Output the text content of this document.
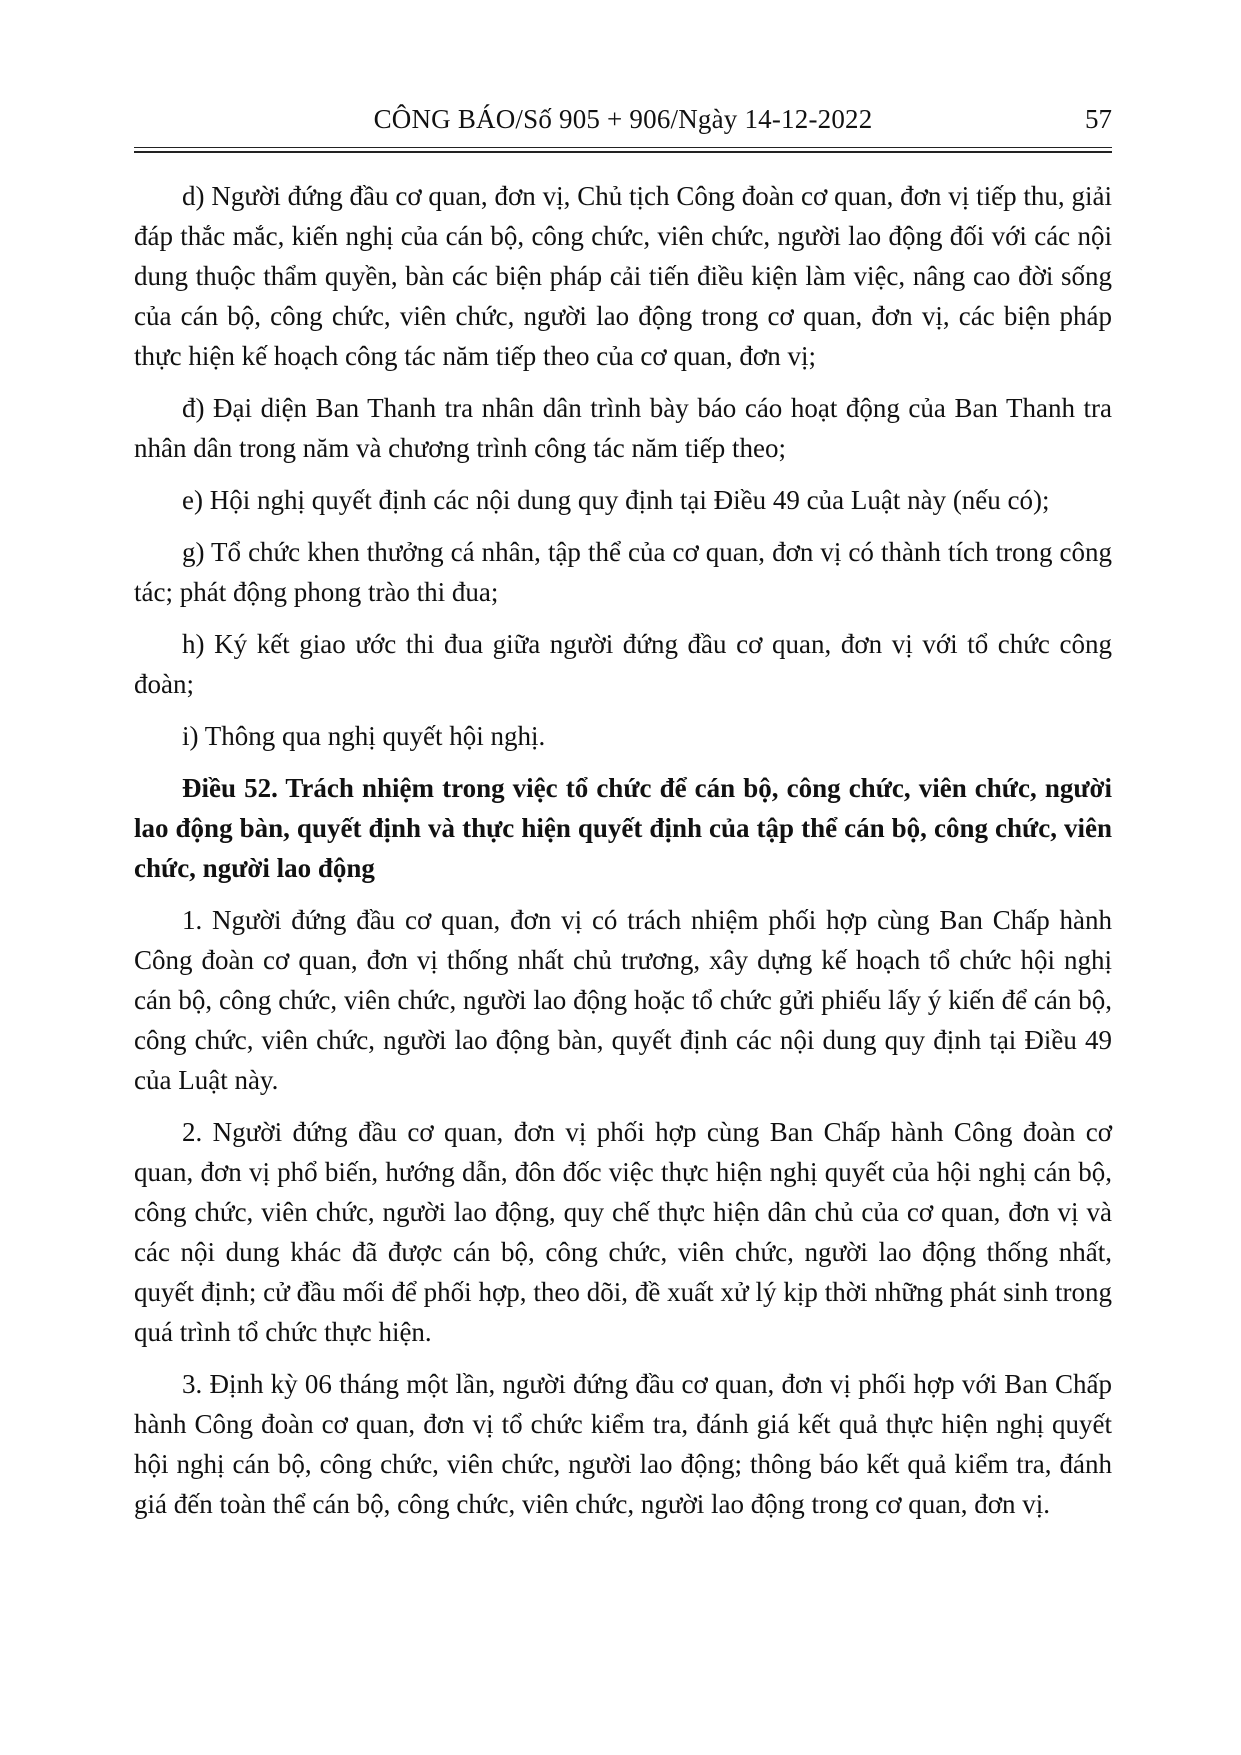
CÔNG BÁO/Số 905 + 906/Ngày 14-12-2022	57

d) Người đứng đầu cơ quan, đơn vị, Chủ tịch Công đoàn cơ quan, đơn vị tiếp thu, giải đáp thắc mắc, kiến nghị của cán bộ, công chức, viên chức, người lao động đối với các nội dung thuộc thẩm quyền, bàn các biện pháp cải tiến điều kiện làm việc, nâng cao đời sống của cán bộ, công chức, viên chức, người lao động trong cơ quan, đơn vị, các biện pháp thực hiện kế hoạch công tác năm tiếp theo của cơ quan, đơn vị;

đ) Đại diện Ban Thanh tra nhân dân trình bày báo cáo hoạt động của Ban Thanh tra nhân dân trong năm và chương trình công tác năm tiếp theo;

e) Hội nghị quyết định các nội dung quy định tại Điều 49 của Luật này (nếu có);

g) Tổ chức khen thưởng cá nhân, tập thể của cơ quan, đơn vị có thành tích trong công tác; phát động phong trào thi đua;

h) Ký kết giao ước thi đua giữa người đứng đầu cơ quan, đơn vị với tổ chức công đoàn;

i) Thông qua nghị quyết hội nghị.

Điều 52. Trách nhiệm trong việc tổ chức để cán bộ, công chức, viên chức, người lao động bàn, quyết định và thực hiện quyết định của tập thể cán bộ, công chức, viên chức, người lao động

1. Người đứng đầu cơ quan, đơn vị có trách nhiệm phối hợp cùng Ban Chấp hành Công đoàn cơ quan, đơn vị thống nhất chủ trương, xây dựng kế hoạch tổ chức hội nghị cán bộ, công chức, viên chức, người lao động hoặc tổ chức gửi phiếu lấy ý kiến để cán bộ, công chức, viên chức, người lao động bàn, quyết định các nội dung quy định tại Điều 49 của Luật này.

2. Người đứng đầu cơ quan, đơn vị phối hợp cùng Ban Chấp hành Công đoàn cơ quan, đơn vị phổ biến, hướng dẫn, đôn đốc việc thực hiện nghị quyết của hội nghị cán bộ, công chức, viên chức, người lao động, quy chế thực hiện dân chủ của cơ quan, đơn vị và các nội dung khác đã được cán bộ, công chức, viên chức, người lao động thống nhất, quyết định; cử đầu mối để phối hợp, theo dõi, đề xuất xử lý kịp thời những phát sinh trong quá trình tổ chức thực hiện.

3. Định kỳ 06 tháng một lần, người đứng đầu cơ quan, đơn vị phối hợp với Ban Chấp hành Công đoàn cơ quan, đơn vị tổ chức kiểm tra, đánh giá kết quả thực hiện nghị quyết hội nghị cán bộ, công chức, viên chức, người lao động; thông báo kết quả kiểm tra, đánh giá đến toàn thể cán bộ, công chức, viên chức, người lao động trong cơ quan, đơn vị.
